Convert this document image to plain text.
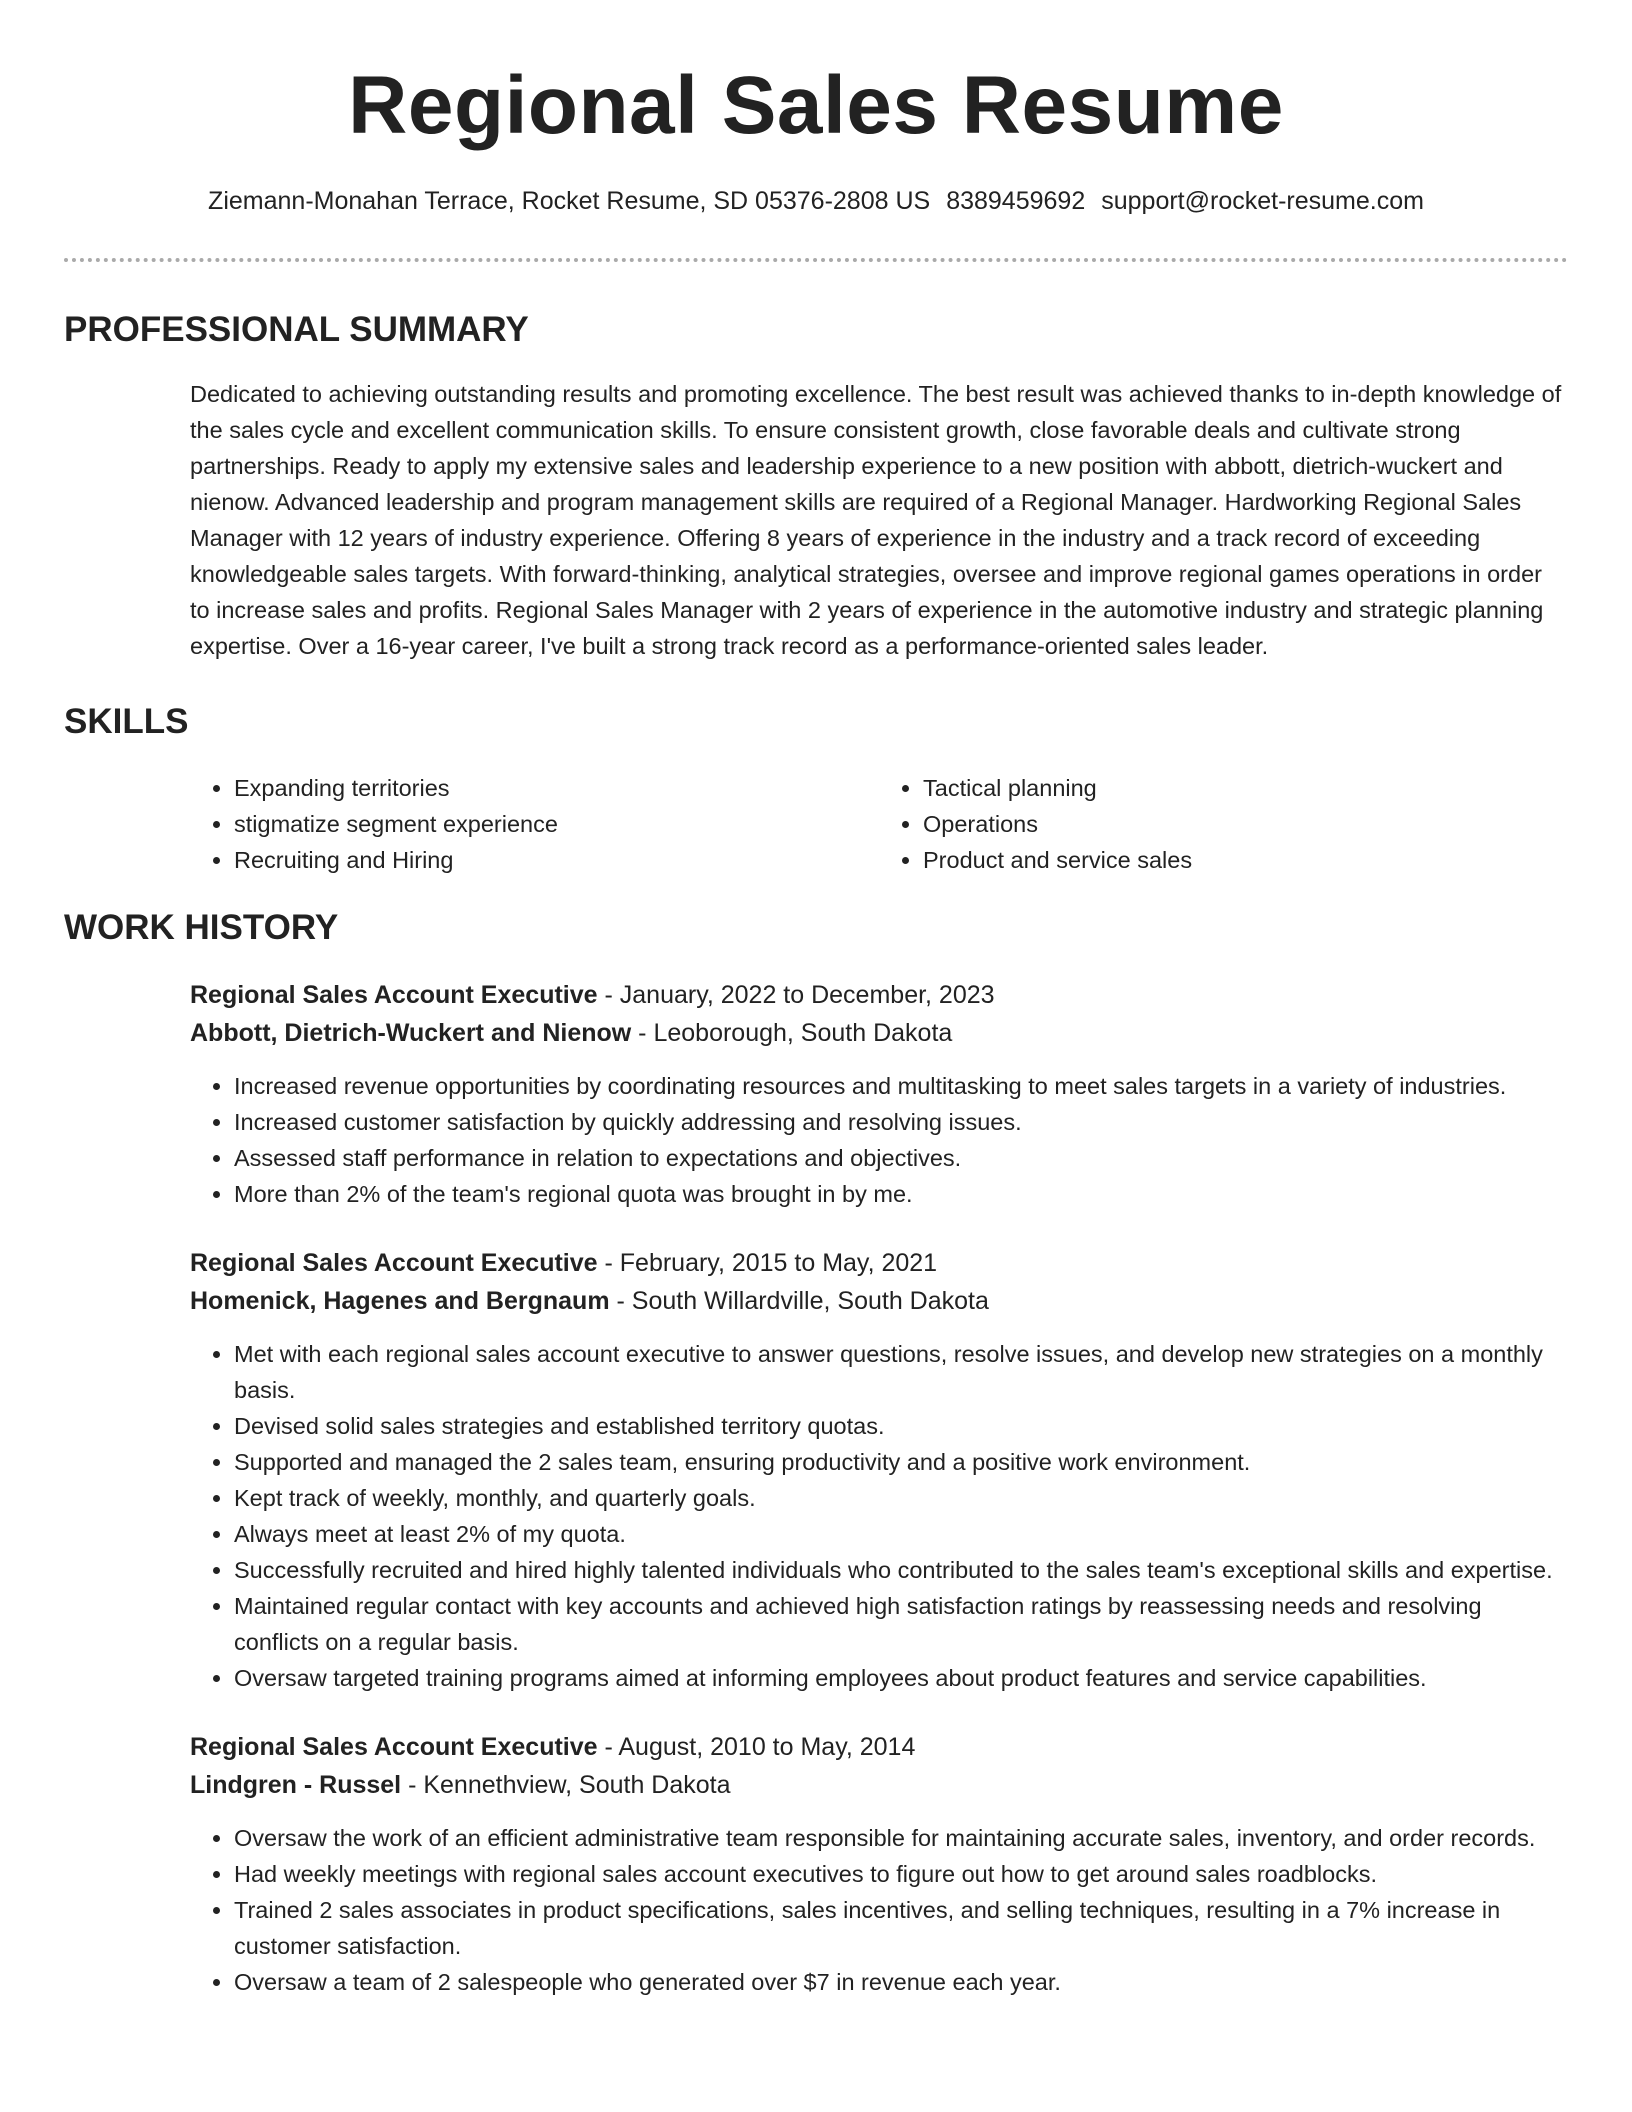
Regional Sales Resume
Ziemann-Monahan Terrace, Rocket Resume, SD 05376-2808 US 8389459692 support@rocket-resume.com
PROFESSIONAL SUMMARY

Dedicated to achieving outstanding results and promoting excellence. The best result was achieved thanks to in-depth knowledge of the sales cycle and excellent communication skills. To ensure consistent growth, close favorable deals and cultivate strong partnerships. Ready to apply my extensive sales and leadership experience to a new position with abbott, dietrich-wuckert and nienow. Advanced leadership and program management skills are required of a Regional Manager. Hardworking Regional Sales Manager with 12 years of industry experience. Offering 8 years of experience in the industry and a track record of exceeding knowledgeable sales targets. With forward-thinking, analytical strategies, oversee and improve regional games operations in order to increase sales and profits. Regional Sales Manager with 2 years of experience in the automotive industry and strategic planning expertise. Over a 16-year career, I've built a strong track record as a performance-oriented sales leader.

SKILLS
• Expanding territories
• stigmatize segment experience
• Recruiting and Hiring
• Tactical planning
• Operations
• Product and service sales
WORK HISTORY
Regional Sales Account Executive - January, 2022 to December, 2023
Abbott, Dietrich-Wuckert and Nienow - Leoborough, South Dakota
• Increased revenue opportunities by coordinating resources and multitasking to meet sales targets in a variety of industries.
• Increased customer satisfaction by quickly addressing and resolving issues.
• Assessed staff performance in relation to expectations and objectives.
• More than 2% of the team's regional quota was brought in by me.
Regional Sales Account Executive - February, 2015 to May, 2021
Homenick, Hagenes and Bergnaum - South Willardville, South Dakota
• Met with each regional sales account executive to answer questions, resolve issues, and develop new strategies on a monthly basis.
• Devised solid sales strategies and established territory quotas.
• Supported and managed the 2 sales team, ensuring productivity and a positive work environment.
• Kept track of weekly, monthly, and quarterly goals.
• Always meet at least 2% of my quota.
• Successfully recruited and hired highly talented individuals who contributed to the sales team's exceptional skills and expertise.
• Maintained regular contact with key accounts and achieved high satisfaction ratings by reassessing needs and resolving conflicts on a regular basis.
• Oversaw targeted training programs aimed at informing employees about product features and service capabilities.
Regional Sales Account Executive - August, 2010 to May, 2014
Lindgren - Russel - Kennethview, South Dakota
• Oversaw the work of an efficient administrative team responsible for maintaining accurate sales, inventory, and order records.
• Had weekly meetings with regional sales account executives to figure out how to get around sales roadblocks.
• Trained 2 sales associates in product specifications, sales incentives, and selling techniques, resulting in a 7% increase in customer satisfaction.
• Oversaw a team of 2 salespeople who generated over $7 in revenue each year.
